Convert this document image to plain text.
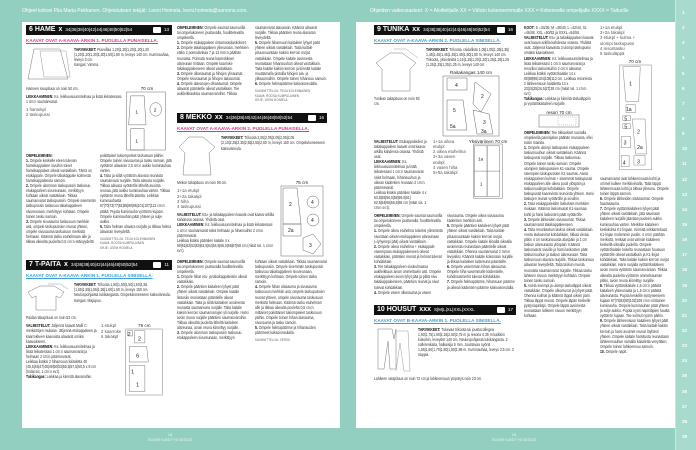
Ohjeet kokosi Piia Maria Pekkanen. Ohjeistuksen tekijät: Leeni Hoimela, leeni.hoimela@sanoma.com.	Ohjeiden vaikeusasteet: X = Aloittelijalle XX = Vähän kokeneemmalle XXX = Kokeneelle ompelijalle XXXX = Taiturille	1
2
3
4
5
6
7
8
9
10
11
12
13
14
15
16
17
18
19
20
21
22
23
24
25
26
27
28
29
6 HAME x 34|36|38|40|42|44|46|48|50|52|54	13
KAAVAT OVAT A-KAAVA-ARKIN 1. PUOLELLA PUNAISELLA.

TARVIKKEET: Puuvillaa 1,20|1,20|1,20|1,20|1,20 (1,20|1,20|1,20|1,30|1,50)1,80 m, leveys 140 cm. Kuminauhaa, leveys 3 cm.

Kangas: Vimma.

Hameen sivupituus on noin 50 cm.

LEIKKAAMINEN: Ks. leikkuusuunnitelmaa ja lisää leikatessasi 1 cm:n saumanvarat.

1 hamekpl
2 taskupussi
70 cm
1	2
1

OMPELEMINEN:

1. Ompele keskelle eteen tulevan hamekappaleen sivuihin toiset hamekappaleet oikeat vastakkain. Tämä on etukappale. Ompele takakappale kolmesta hamekappaleesta samoin.

2. Ompele ulomman taskupussin taskusuu etukappaleen sivureunaan, merkittyyn kohtaan oikeat vastakkain. Tikkaa saumanvarat taskupussiin. Ompele sisemmän taskupussin taskusuu takakappaleen sivureunaan, merkittyyn kohtaan. Ompele toinen tasku samoin.

3. Ompele sivusauma taskusuun merkkiin asti, ompele taskupussien reunat yhteen, ompele sivusauma taskusuun merkistä helmaan. Käännä tasku etuhelmaan alle ja tikkaa oikealta puolelta 0,5 cm:n etäisyydeltä

poikittaiset tukiompeleet taskusuun päihin. Ompele toinen sivusauma ja tasku samoin, jätä vyötärön alavaran 2,5 cm:n aukko kuminauhaa varten.

4. Taita ja silitä vyötärön alavara reunasta saumanvara nurjalle. Taita alavara nurjalle. Tikkaa alavara vyötärölle lähellä avointa reunaa, jätä aukko kuminauhaa varten. Tikkaa vyötärön reuna lähellä taitetta. Leikkaa kuminauhasta 67|70|73|77|81|85|89|95|101|107|113 cm:n pätkä. Pujota kuminauha vyötärön kujaan. Ompele kuminauhan päät yhteen ja sulje aukko.

5. Taita helman alavara nurjalle ja tikkaa helma alavaran leveydeltä.

SUUNNITTELIJA: TEIJA KOLEHMAINEN
KAAVA: ROOSA KUMPULAINEN
OHJE: LEENI HOIMELA
7 T-PAITA x 34|36|38|40|42|44|46|48|50|52|54	11
KAAVAT OVAT A-KAAVA-ARKIN 1. PUOLELLA SINISELLÄ.

TARVIKKEET: Trikoota 1,50|1,50|1,50|1,50|1,55 (1,55|1,55|1,55|1,55|1,60)1,60 m, leveys 150 cm. Neulospohjaista tukikangasta. Ompelukoneeseen kaksoisneula.

Kangas: Majapuu.

Paidan takapituus on noin 53 cm.

VALMISTELUT: Jäljennä kaavat Malli C: merkintöjen mukaan. Jäljennä etukappaleen ja kaarrokkeen kaavoista alavarat omiksi kaavoikseen.

LEIKKAAMINEN: Ks. leikkuusuunnitelmaa ja lisää leikatessasi 1 cm:n saumanvarat ja helmaan 2 cm:n päärmevarat.

Leikkaa lisäksi 2 hihansuun kaitaletta 45 (45,5|46|47|48|49|50|53|55,5|57,5)60,5 x 8 cm (mitat sis. 1 cm:n sv:t).

Tukikangas: Leikkaa ja kiinnitä alavaroihin.

1 etukpl
2 kaarroke
6 takakpl
75 cm
2
2
6
1
1

OMPELEMINEN: Ompele saumat saumurilla tai ompelukoneen joustavalla, huolittelevalla ompeleella.

1. Ompele etukappaleen rintamuotolaskokset.

2. Ompele takakappaleen ylireunaan, merkkien väliin 2 poimulankaa 7 ja 13 mm:n päähän reunasta. Poimuta reuna kaarrokkeen alareunan mittaan. Ompele kaarroke takakappaleeseen oikeat vastakkain.

3. Ompele olkasaumat ja hihojen ylisaumat. Ompele sivusaumat ja hihojen alasaumat.

4. Ompele alavarojen olkasaumat. Ompele alavarat pääntielle oikeat vastakkain. Tee aukileikkauksia saumanvaroihin. Tikkaa

saumanvarat alavaraiin. Käännä alavarat nurjalle. Tikkaa pääntien reuna alavaran leveydeltä.

5. Ompele hihansuun kaitaleen lyhyet päät yhteen oikeat vastakkain. Taita kaitale pituussuuntaan kaksin kerroin nurjat vastakkain. Ompele kaitale avoimesta reunastaan hihansuuhun oikeat vastakkain. Taita kaitale kaksin kerroin ja kiinnitä kaitale muuttamalla pistoilla hihojen ala- ja yläsaumoihin. Ompele toinen hihansuu samoin.

6. Ompele helmapäärme kaksoisneulalla.

SUUNNITTELIJA: TEIJA KOLEHMAINEN
KAAVA: ROOSA KUMPULAINEN
OHJE: LEENI HOIMELA
8 MEKKO xx 34|36|38|40|42|44|46|48|50|52|54	16
KAAVAT OVAT A-KAAVA-ARKIN 2. PUOLELLA PUNAISELLA.

TARVIKKEET: Trikoota 2,05|2,05|2,05|2,05|2,05 (2,10|2,35|2,35|2,55|2,55)2,60 m, leveys 150 cm. Ompelukoneeseen kaksoisneula.

Mekon takapituus on noin 95 cm.
1+1a etukpl
2+2a takakpl
3 hiha
4 taskupussi

VALMISTELUT: Etu- ja takakappaleen kaavat ovat kaava-arkilla kahdessa osassa. Yhdistä osat.

LEIKKAAMINEN: Ks. leikkuusuunnitelmaa ja lisää leikatessasi 1 cm:n saumanvarat sekä helmaan ja hihansuihin 2 cm:n päärmevarat.

Leikkaa lisäksi pääntien kaitale 4 x 60|61|62|62|63|63,5|64|64,5|65,5|66|67|68 cm (mitat sis. 1 cm:n sv:t).

75 cm
2	4
2a
4
3

OMPELEMINEN: Ompele saumat saumurilla tai ompelukoneen joustavalla huolittelevalla ompeleella.

1. Ompele hihat etu- ja takakappaleisiin oikeat vastakkain.

2. Ompele pääntien kaitaleen lyhyet päät yhteen oikeat vastakkain. Ompele kaitale lisäosiin reunastaan pääntielle oikeat vastakkain. Taita ja silitä kaitaleen avoimesta reunasta saumanvara nurjalle. Taita kaitale kaksin kerroin saumanvarojen yli nurjalle. Harsi avoin reuna nurjalle pääntien saumanvaroihin. Tikkaa oikealta puolelta läheltä kaitaleen alareunaa, avoin reuna kiinnittyy nurjalle.

3. Ompele ulomman taskupussin taskusuu etukappaleen sivureunaan, merkittyyn

kohtaan oikeat vastakkain. Tikkaa saumanvarat taskupussiin. Ompele sisemmän taskupussin taskusuu takakappaleen sivureunaan, merkittyyn kohtaan. Ompele toinen tasku samoin.

4. Ompele hihan alasauma ja sivusauma taskusuun merkkiin asti, ompele taskupussien reunat yhteen, ompele sivusauma taskusuun merkistä helmaan. Käännä tasku etuhelman alle ja tikkaa oikealta puolelta 0,5 cm:n mittaiset poikittaiset tukiompeleet taskusuun päihin. Ompele toinen hihan alasauma, sivusauma ja tasku samoin.

5. Ompele helmapäärme ja hihansuiden päärmeet kaksoisneulalla.

SUUNNITTELIJA: VERSO
9 TUNIKA xx 34|36|38|40|42|44|46|48|50|52|54	16
KAAVAT OVAT A-KAAVA-ARKIN 2. PUOLELLA SINISELLÄ.
Tunikan takapituus on noin 93 cm.

TARVIKKEET: Trikoota, raidallista 1,05|1,05|1,35|1,35| 1,45|1,45|1,45|1,45|1,45|1,50|1,50 m, leveys 140 cm. Trikoota, yksiväristä 1,15|1,15|1,20|1,20|1,25|1,25|1,25 (1,25|1,25|1,25)1,25 m, leveys 140 cm.

Raitakangas 140 cm
4
2
5
3
5a
3a

VALMISTELUT: Etukappaleiden ja takakappaleen kaavat ovat kaava-arkilla kahdessa osassa. Yhdistä osat.

LEIKKAAMINEN: Ks. leikkuusuunnitelmaa ja lisää leikatessasi 1 cm:n saumanvarat sekä helmaan, hihansuuhun ja oikean kädentien reunaan 2 cm:n päärmevarat.

Leikkaa lisäksi pääntien kaitale 4 x 53,5|55|56,5|58|59,5|61| 62,5|64|65|66,5|68 cm (mitat sis. 1 cm:n sv:t).

1+1a oikea
etukpl
2 oikea etuhelma
3+3a vasen
etukpl
4 vasen hiha
5+5a takakpl
Yksiväriinen 70 cm
1a
1

OMPELEMINEN: Ompele saumat saumurilla tai ompelukoneen joustavalla, huolittelevalla ompeleella.

1. Ompele oikea etuhelma toiseksi ylimmästä sivustaan oikean etukappaleen alareunaan (=lyhyempi pää) oikeat vastakkain.

2. Ompele oikea etuhelma + etukappale vasempaan etukappaleeseen oikeat vastakkain, pääntien reunat ja helmat tulevat kohdakkain.

3. Tee takakappaleen sivukulmassa aukileikkaus aivan ommeltaviin asti. Ompele etukappaleen avoin lyhyt pää ja pitkä sivu takakappaleeseen, pääntien reunat ja sivut tulevat kohdakkain.

4. Ompele vasen olkasauma ja vasen

sivusauma. Ompele oikea sivusauma kädentien merkkiin asti.

5. Ompele pääntien kaitaleen lyhyet päät yhteen oikeat vastakkain. Taita kaitale pituussuuntaan kaksin kerroin nurjat vastakkain. Ompele kaitale kiinalla oikealla avoimesta reunastaan pääntielle oikeat vastakkain. Ohenna saumanvarat 2 mm:n levyisiksi. Käännä kaitale kokonaan nurjalle ja tikkaa kaitaleen taitereuna pääntielle.

6. Ompele vasemman hihan alasauma. Ompele hiha vasemmalle kädentielle, kohdistusmerkit tulevat kohdakkain.

7. Ompele helmapäärme, hihansuun päärme ja oikean kädentien päärme kaksoisneulalla.

10 HOUSUT xxx S|M|L|XL|XXL|XXXL	17
KAAVAT OVAT B-KAAVA-ARKIN 1. PUOLELLA SINISELLÄ.

TARVIKKEET: Tukevaa trikoota tai joustocollegea 1,50|1,75|1,90|2,15|2,50|2,75 m ja resoria 0,35 m kaikkiin kokoihin, leveydet 140 cm. Neulospohjaista tukikangasta. 2 solkirenkaita, halkaisija 5 mm. Joustavaa nyöriä 1,55|1,60|1,70|1,80|1,90|1,95 m. Kuminauhaa, leveys 2,5 cm. 2 nappia.

Lahkeen sisäpituus on noin 72 cm ja lahkeensuun ympärys noin 23 cm.

KOOT: S =34/36, M =38/40, L =42/44, XL =46/48, XXL =50/52 ja XXXL =54/56.

VALMISTELUT: Etu- ja takakappaleen kaavat ovat kaava-arkilla kahdessa osassa. Yhdistä osat. Jäljennä kaavasta 3 ulompi taskupussi omaksi kaavakseen.

LEIKKAAMINEN: Ks. leikkuusuunnitelmaa ja lisää leikatessasi 1 cm:n saumanvarat ja resoriksi taskunsuihin 2 cm:n alavarat. Leikkaa lisäksi vyötärökaitale 14 x 80|88|96|104|108|112 cm. Leikkaa resoreista 2 lahkeensuun kaitaletta 14 x 23|24|25|26,5|27|28 cm (mitat sis. 1 cm:n sv:t).

Tukikangas: Leikkaa ja kiinnitä taskuläppiin ja vyötärökaitaleen nurjalle.

resori 70 cm

OMPELEMINEN: Tee tikkaukset suoralla ompeleella paininjalan päähän reunasta, ellei toisin mainita.

1. Ompele ulompi taskupussi etukappaleen taskunsuuhun oikeat vastakkain. Käännä taskupussi nurjalle. Tikkaa taskunsuu. Ompele toinen tasku samoin. Ompele ulompien taskupussien K1-sauma. Ompele sisempien taskupussien K2 saumat. Aseta etukappaleen kulmat + sisemmät taskupussit etukappaleen alle oikea puoli ylöspäin ja taskunsuulinjat kohdakkain. Ompele taskupussit kaarevista reunoista yhteen. Harsi taskujen reunat vyötärölle ja sivuihin.

2. Taita etukappaleiden laskokset merkkien mukaan. Käännä laskosvarat K1-saumaa kohti ja harsi laskosten päät vyötärölle.

3. Ompele lahkeiden sivusaumat. Tikkaa saumanvarat takakappaleeseen.

4. Taita resoritaskun laskos oikeat vastakkain. Aseta laskosvirat kohdakkain, tikkaa viivaa pitkin 4 cm taskunsuusta alaspäin ja 1 cm taskun alareunasta ylöspäin. Käännä laskosvarat sivuille ja harsi laskosten päät taskunsuuhun ja taskun alareunaan. Taita taskunsuun alavara nurjalle. Tikkaa taskunsuu alavaran leveydeltä. Taita taskun muista reunoista saumanvarat nurjalle. Tikkaa tasku lahkeen sivuun merkittyyn kohtaan. Ompele toinen tasku samoin.

5. Aseta sisempi ja ulompi taskuläppä oikeat vastakkain. Ompele ulkoreunat ja lyhyet päät. Ohenna kulmat ja käännä läppä oikein päin. Tikkaa läppä reunat. Ompele läpän keskelle pystynapinläpi. Ompele läppä avoimesta reunastaan lahkeen sivuun merkittyyn kohtaan.

1+1a etukpl
2+2a takakpl
3 etukpl + kulma +
ulompi taskupussi
4 resoritasku
5 taskuläppä
70 cm
1
1a
5
5
2
2a
3
3
4

saumanvarat ovat lahkeensuuta kohti ja ommel kulkee merkkiviivalla. Taita läppä lahkeensuuta kohti ja tikkaa ylireuna. Ompele toinen läppä samoin.

6. Ompele lahkeiden sisäsaumat. Ompele haarasauma.

7. Ompele vyötärökaitaleen lyhyet päät yhteen oikeat vastakkain, jätä saumaan kaitaleen nurjalle jääväan puoleen aukko kuminauhaa varten. Merkitse kaitaleen keskikohta K1-linjaan. Kiinnitä sirkkarenkaat K1-linjan molemmin puolin, 4 cm:n päähän merkistä, renkaat ovat valmiin kaitaleen keskellä oikealla puolella. Ompele vyötärökaitale toiselta reunastaan housuun vyötärölle oikeat vastakkain ja K1-linjat kohdakkain. Taita kaitale kaksin kerroin nurjat vastakkain. Harsi nurjalla vyötärökaitaleen avoin reuna vyötärön saumanvaraan. Tikkaa oikealta puolelta vyötärön ommelsauman pitkin, avoin reuna kiinnittyy nurjalle.

8. Tikkaa vyötärökaitale 1,5 cm:n päästä kaitaleen yläreunasta ja 1,5 cm:n päästä alareunasta. Pujota keskelle syntyneeseen kujaan 67|74|82|90|102|108 cm:n mittainen kuminauha. Ompele kuminauhan päät yhteen ja sulje aukko. Pujota nyöri napinläpien kautta vyötärön kujaan. Tee solmut nyörin päihin.

9. Ompele lahkeensuun kaitaleen lyhyet päät yhteen oikeat vastakkain. Taita kaitale kaksin kerroin ja harsi avoimet reunat löyhästi yhteen. Ompele kaitale harsitusta reunastaan lahkeensuuhun samalla kaitaletta venyttäen. Ompele toinen lahkeensuu samoin.

10. Ompele napit.

18
SUURI KÄSITYÖ 8/2023
19
SUURI KÄSITYÖ 8/2023
